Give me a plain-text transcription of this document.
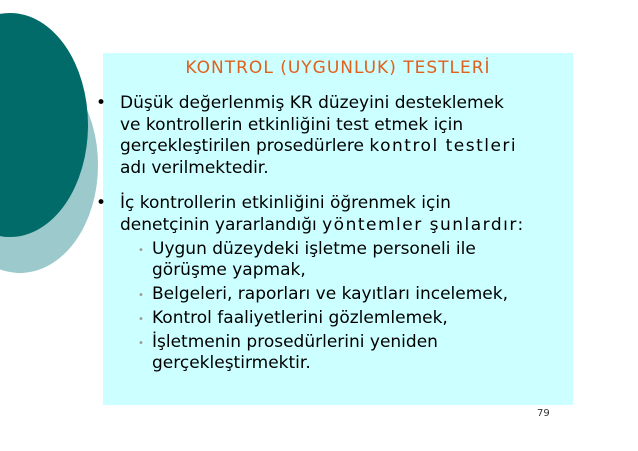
KONTROL (UYGUNLUK) TESTLERİ
• Düşük değerlenmiş KR düzeyini desteklemek
ve kontrollerin etkinliğini test etmek için
gerçekleştirilen prosedürlere kontrol testleri
adı verilmektedir.
• İç kontrollerin etkinliğini öğrenmek için
denetçinin yararlandığı yöntemler şunlardır:
• Uygun düzeydeki işletme personeli ile
görüşme yapmak,
• Belgeleri, raporları ve kayıtları incelemek,
• Kontrol faaliyetlerini gözlemlemek,
• İşletmenin prosedürlerini yeniden
gerçekleştirmektir.
79
